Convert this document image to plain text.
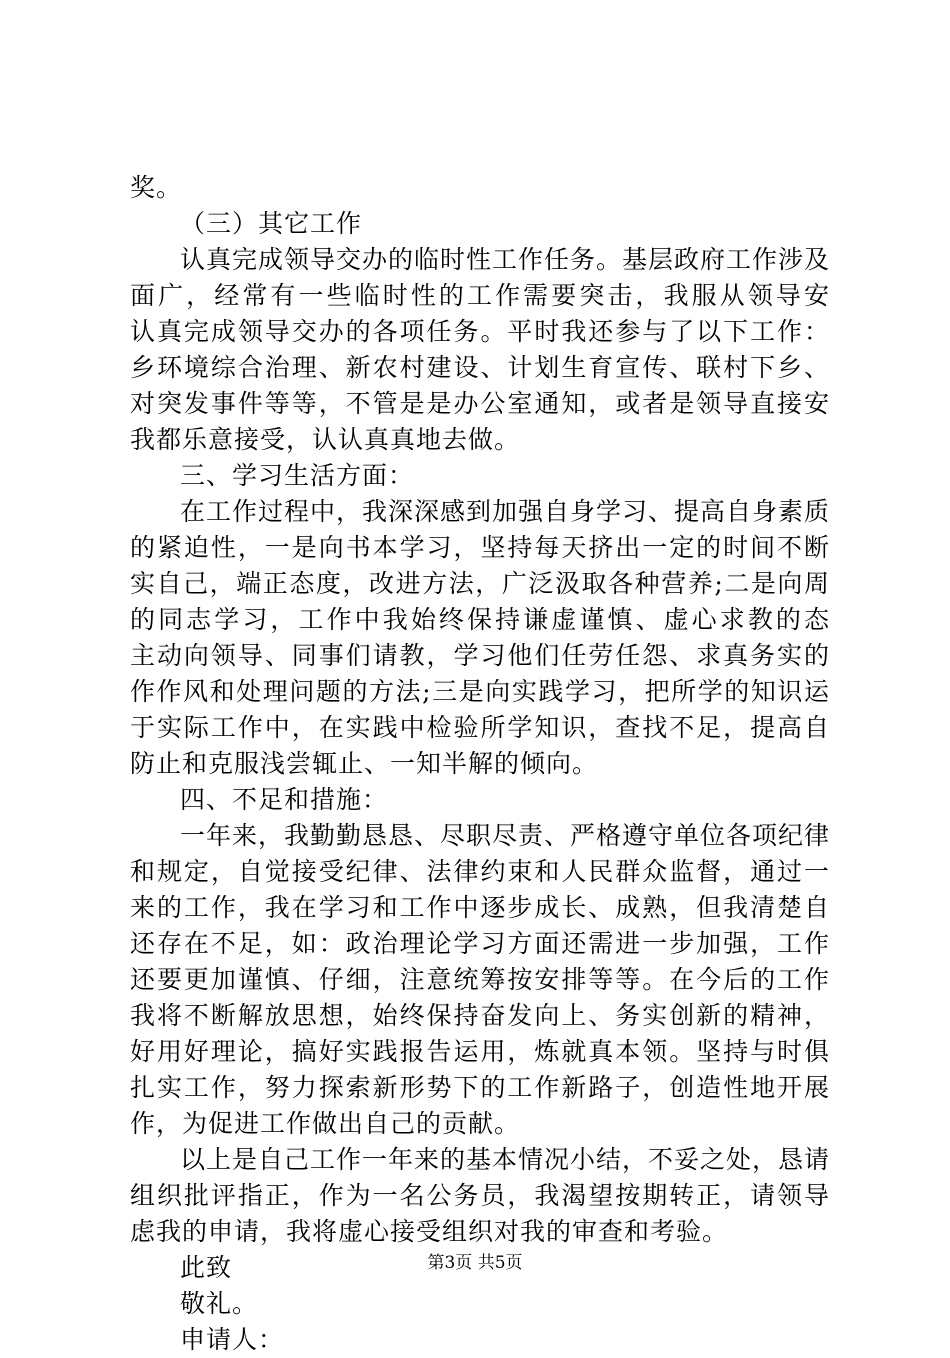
奖。
（三）其它工作
认真完成领导交办的临时性工作任务。基层政府工作涉及
面广，经常有一些临时性的工作需要突击，我服从领导安
认真完成领导交办的各项任务。平时我还参与了以下工作：
乡环境综合治理、新农村建设、计划生育宣传、联村下乡、
对突发事件等等，不管是是办公室通知，或者是领导直接安
我都乐意接受，认认真真地去做。
三、学习生活方面：
在工作过程中，我深深感到加强自身学习、提高自身素质
的紧迫性，一是向书本学习，坚持每天挤出一定的时间不断
实自己，端正态度，改进方法，广泛汲取各种营养;二是向周
的同志学习，工作中我始终保持谦虚谨慎、虚心求教的态
主动向领导、同事们请教，学习他们任劳任怨、求真务实的
作作风和处理问题的方法;三是向实践学习，把所学的知识运
于实际工作中，在实践中检验所学知识，查找不足，提高自
防止和克服浅尝辄止、一知半解的倾向。
四、不足和措施：
一年来，我勤勤恳恳、尽职尽责、严格遵守单位各项纪律
和规定，自觉接受纪律、法律约束和人民群众监督，通过一
来的工作，我在学习和工作中逐步成长、成熟，但我清楚自
还存在不足，如：政治理论学习方面还需进一步加强，工作
还要更加谨慎、仔细，注意统筹按安排等等。在今后的工作
我将不断解放思想，始终保持奋发向上、务实创新的精神，
好用好理论，搞好实践报告运用，炼就真本领。坚持与时俱
扎实工作，努力探索新形势下的工作新路子，创造性地开展
作，为促进工作做出自己的贡献。
以上是自己工作一年来的基本情况小结，不妥之处，恳请
组织批评指正，作为一名公务员，我渴望按期转正，请领导
虑我的申请，我将虚心接受组织对我的审查和考验。
此致
敬礼。
申请人：
第3页 共5页
